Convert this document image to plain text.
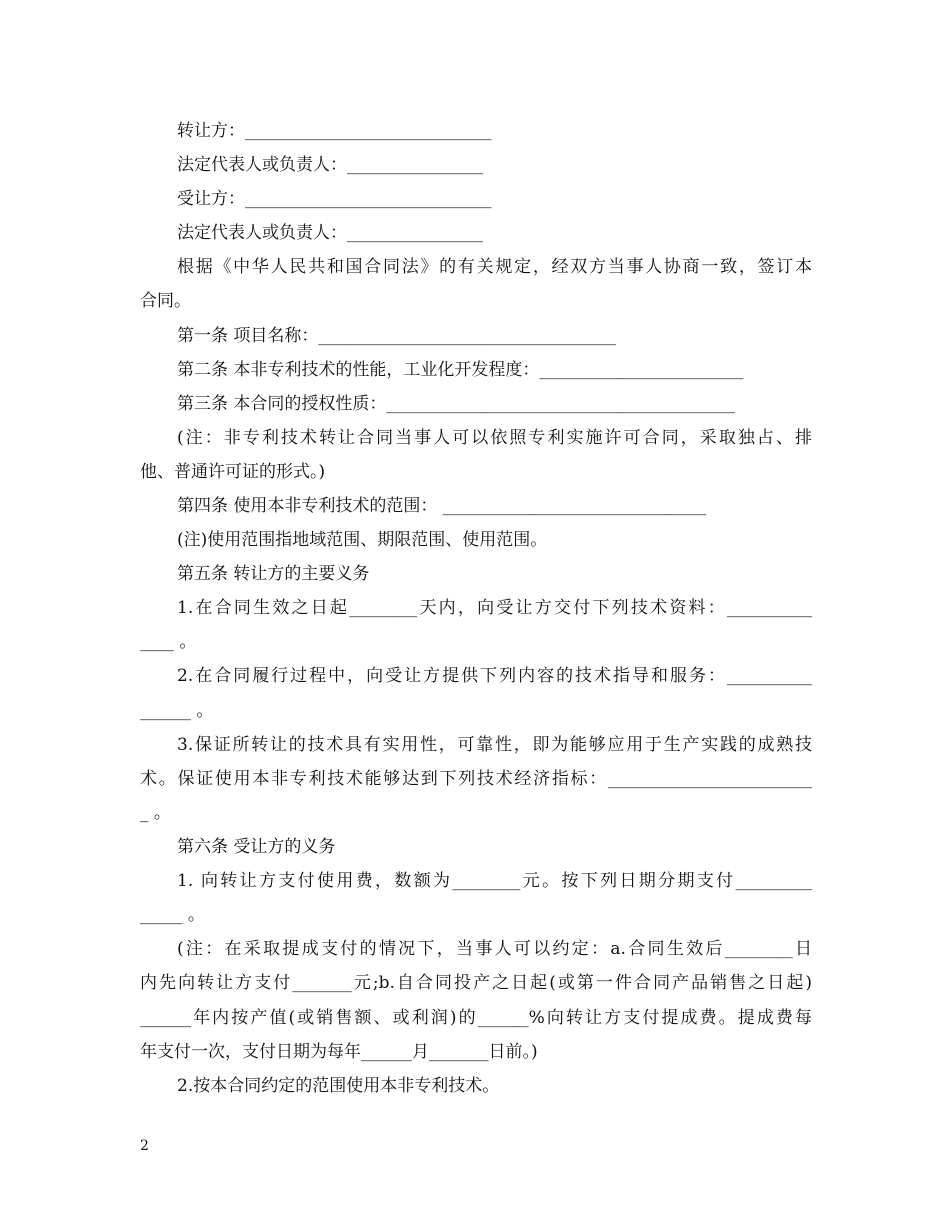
转让方：_____________________________
法定代表人或负责人：________________
受让方：_____________________________
法定代表人或负责人：________________
根据《中华人民共和国合同法》的有关规定，经双方当事人协商一致，签订本
合同。
第一条 项目名称：___________________________________
第二条 本非专利技术的性能，工业化开发程度：________________________
第三条 本合同的授权性质：_________________________________________
(注：非专利技术转让合同当事人可以依照专利实施许可合同，采取独占、排
他、普通许可证的形式。)
第四条 使用本非专利技术的范围： _______________________________
(注)使用范围指地域范围、期限范围、使用范围。
第五条 转让方的主要义务
1.在合同生效之日起________天内，向受让方交付下列技术资料：__________
____ 。
2.在合同履行过程中，向受让方提供下列内容的技术指导和服务：__________
______ 。
3.保证所转让的技术具有实用性，可靠性，即为能够应用于生产实践的成熟技
术。保证使用本非专利技术能够达到下列技术经济指标：________________________
_ 。
第六条 受让方的义务
1. 向转让方支付使用费，数额为________元。按下列日期分期支付_________
_____ 。
(注：在采取提成支付的情况下，当事人可以约定：a.合同生效后________日
内先向转让方支付_______元;b.自合同投产之日起(或第一件合同产品销售之日起)
______年内按产值(或销售额、或利润)的______%向转让方支付提成费。提成费每
年支付一次，支付日期为每年______月_______日前。)
2.按本合同约定的范围使用本非专利技术。
2
